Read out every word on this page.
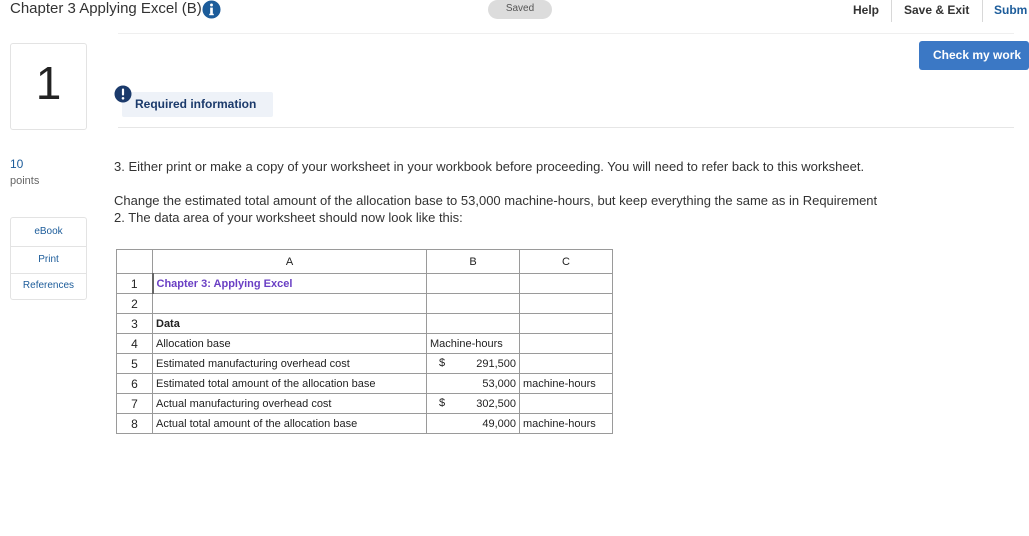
Chapter 3 Applying Excel (B)	Saved	Help Save & Exit Subm
Check my work
1	Required information
10
points
eBook
Print
References
3. Either print or make a copy of your worksheet in your workbook before proceeding. You will need to refer back to this worksheet.
Change the estimated total amount of the allocation base to 53,000 machine-hours, but keep everything the same as in Requirement
2. The data area of your worksheet should now look like this:
	A	B	C
1	Chapter 3: Applying Excel		
2			
3	Data		
4	Allocation base	Machine-hours	
5	Estimated manufacturing overhead cost	$ 291,500	
6	Estimated total amount of the allocation base	53,000	machine-hours
7	Actual manufacturing overhead cost	$ 302,500	
8	Actual total amount of the allocation base	49,000	machine-hours
